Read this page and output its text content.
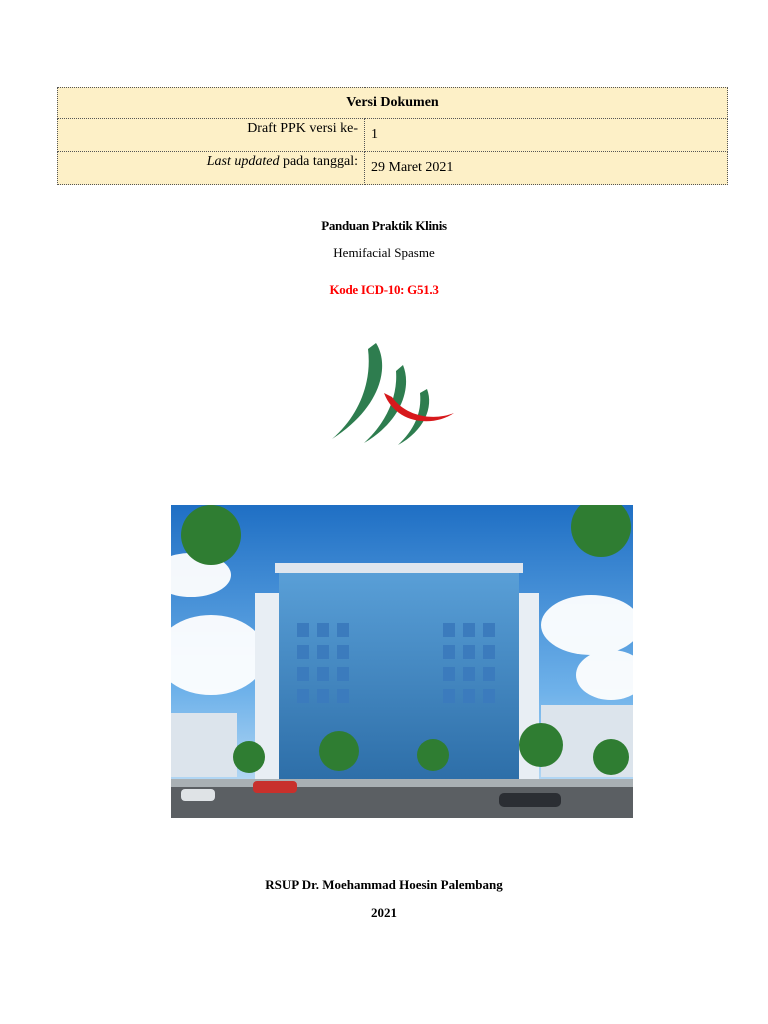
Versi Dokumen	
Draft PPK versi ke-	1
Last updated pada tanggal:	29 Maret 2021
Panduan Praktik Klinis
Hemifacial Spasme
Kode ICD-10: G51.3
RSUP Dr. Moehammad Hoesin Palembang
2021
